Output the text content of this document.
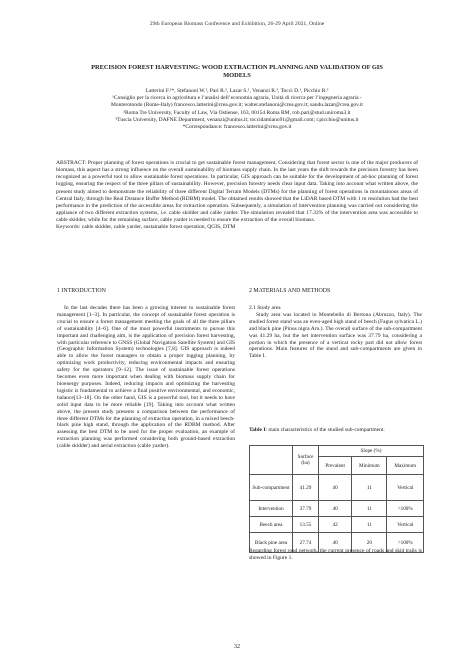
29th European Biomass Conference and Exhibition, 26-29 April 2021, Online
PRECISION FOREST HARVESTING: WOOD EXTRACTION PLANNING AND VALIDATION OF GIS
MODELS
Latterini F.¹*, Stefanoni W.¹, Pari R.², Lazar S.¹, Venanzi R.³, Tocci D.¹, Picchio R.³
¹Consiglio per la ricerca in agricoltura e l’analisi dell’economia agraria, Unità di ricerca per l’ingegneria agraria -
Monterotondo (Rome-Italy) francesco.latterini@crea.gov.it; walter.stefanoni@crea.gov.it; sandu.lazar@crea.gov.it
²Roma Tre University, Faculty of Law, Via Ostiense, 163, 00154 Roma RM, rob.pari@stud.uniroma3.it
³Tuscia University, DAFNE Department, venanzi@unitus.it; toccidamiano91@gmail.com; r.picchio@unitus.it
*Correspondance: francesco.latterini@crea.gov.it
ABSTRACT: Proper planning of forest operations is crucial to get sustainable forest management. Considering that forest sector is one of the major producers of biomass, this aspect has a strong influence on the overall sustainability of biomass supply chain. In the last years the shift towards the precision forestry has been recognized as a powerful tool to allow sustainable forest operations. In particular, GIS approach can be suitable for the development of ad-hoc planning of forest logging, ensuring the respect of the three pillars of sustainability. However, precision forestry needs clear input data. Taking into account what written above, the present study aimed to demonstrate the reliability of three different Digital Terrain Models (DTMs) for the planning of forest operations in mountainous areas of Central Italy, through the Real Distance Buffer Method (RDBM) model. The obtained results showed that the LiDAR based DTM with 1 m resolution had the best performance in the prediction of the accessible areas for extraction operation. Subsequently, a simulation of intervention planning was carried out considering the appliance of two different extraction systems, i.e. cable skidder and cable yarder. The simulation revealed that 17.33% of the intervention area was accessible to cable skidder, while for the remaining surface, cable yarder is needed to ensure the extraction of the overall biomass.
Keywords: cable skidder, cable yarder, sustainable forest operation, QGIS, DTM
1 INTRODUCTION	2 MATERIALS AND METHODS

In the last decades there has been a growing interest to sustainable forest management [1–3]. In particular, the concept of sustainable forest operation is crucial to ensure a forest management meeting the goals of all the three pillars of sustainability [4–6]. One of the most powerful instruments to pursue this important and challenging aim, is the application of precision forest harvesting, with particular reference to GNSS (Global Navigation Satellite System) and GIS (Geographic Information System) technologies [7,8]. GIS approach is indeed able to allow the forest managers to obtain a proper logging planning, by optimizing work productivity, reducing environmental impacts and ensuring safety for the operators [9–12]. The issue of sustainable forest operations becomes even more important when dealing with biomass supply chain for bioenergy purposes. Indeed, reducing impacts and optimizing the harvesting logistic is fundamental to achieve a final positive environmental, and economic, balance[13–18]. On the other hand, GIS is a powerful tool, but it needs to have solid input data to be more reliable [19]. Taking into account what written above, the present study presents a comparison between the performance of three different DTMs for the planning of extraction operation, in a mixed beech-black pine high stand, through the application of the RDBM method. After assessing the best DTM to be used for the proper evaluation, an example of extraction planning was performed considering both ground-based extraction (cable skidder) and aerial extraction (cable yarder).

2.1 Study area

Study area was located in Montebello di Bertona (Abruzzo, Italy). The studied forest stand was an even-aged high stand of beech (Fagus sylvatica L.) and black pine (Pinus nigra Arn.). The overall surface of the sub-compartment was 41.29 ha, but the net intervention surface was 37.79 ha, considering a portion in which the presence of a vertical rocky part did not allow forest operations. Main features of the stand and sub-compartments are given in Table I.

Table I: main characteristics of the studied sub-compartment.
	Surface (ha)	Slope (%)		
		Prevalent	Minimum	Maximum
Sub-compartment	41.29	40	11	Vertical
Intervention	37.79	40	11	>100%
Beech area	13.55	42	11	Vertical
Black pine area	27.74	40	20	>100%
Regarding forest road network, the current presence of roads and skid trails is showed in Figure 1.
32
